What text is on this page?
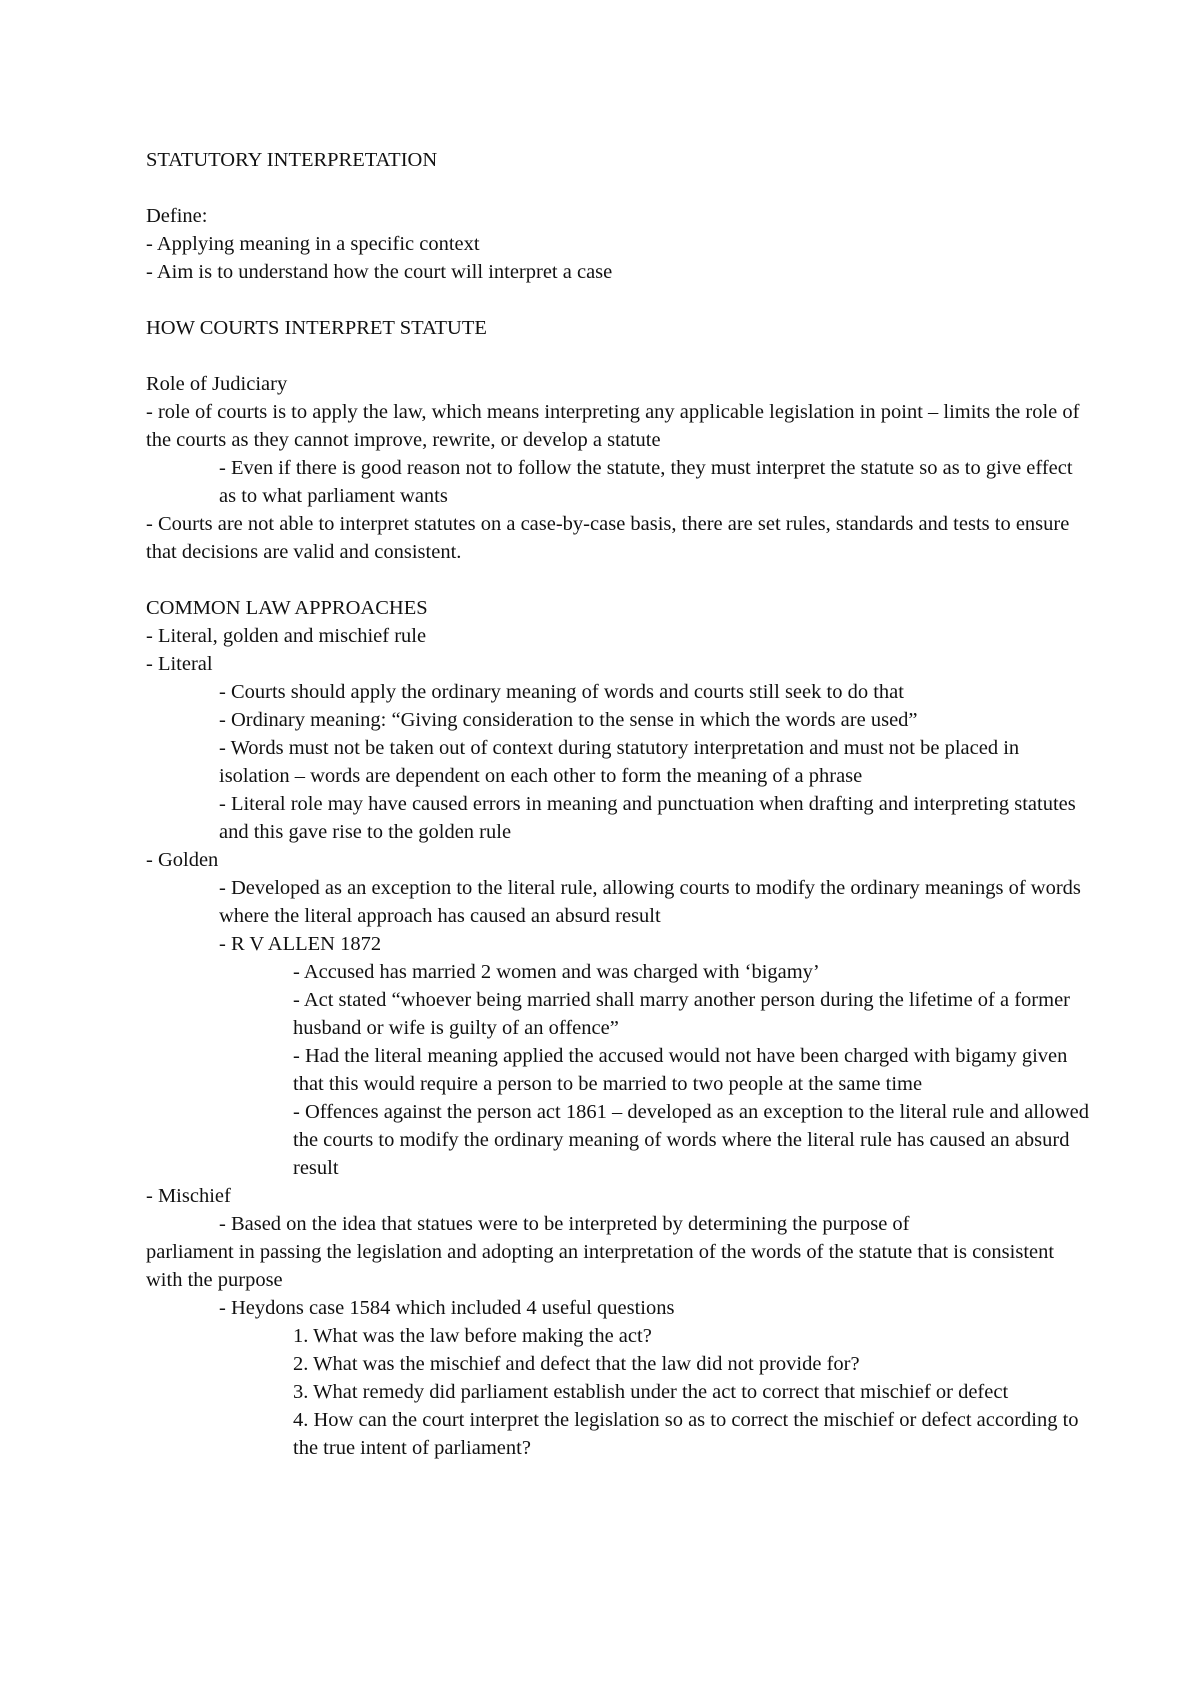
STATUTORY INTERPRETATION

Define:

- Applying meaning in a specific context

- Aim is to understand how the court will interpret a case

HOW COURTS INTERPRET STATUTE

Role of Judiciary

- role of courts is to apply the law, which means interpreting any applicable legislation in point – limits the role of the courts as they cannot improve, rewrite, or develop a statute

- Even if there is good reason not to follow the statute, they must interpret the statute so as to give effect as to what parliament wants

- Courts are not able to interpret statutes on a case-by-case basis, there are set rules, standards and tests to ensure that decisions are valid and consistent.

COMMON LAW APPROACHES

- Literal, golden and mischief rule

- Literal

- Courts should apply the ordinary meaning of words and courts still seek to do that

- Ordinary meaning: “Giving consideration to the sense in which the words are used”

- Words must not be taken out of context during statutory interpretation and must not be placed in isolation – words are dependent on each other to form the meaning of a phrase

- Literal role may have caused errors in meaning and punctuation when drafting and interpreting statutes and this gave rise to the golden rule

- Golden

- Developed as an exception to the literal rule, allowing courts to modify the ordinary meanings of words where the literal approach has caused an absurd result

- R V ALLEN 1872

- Accused has married 2 women and was charged with ‘bigamy’

- Act stated “whoever being married shall marry another person during the lifetime of a former husband or wife is guilty of an offence”

- Had the literal meaning applied the accused would not have been charged with bigamy given that this would require a person to be married to two people at the same time

- Offences against the person act 1861 – developed as an exception to the literal rule and allowed the courts to modify the ordinary meaning of words where the literal rule has caused an absurd result

- Mischief

- Based on the idea that statues were to be interpreted by determining the purpose of

parliament in passing the legislation and adopting an interpretation of the words of the statute that is consistent with the purpose

- Heydons case 1584 which included 4 useful questions

1. What was the law before making the act?

2. What was the mischief and defect that the law did not provide for?

3. What remedy did parliament establish under the act to correct that mischief or defect

4. How can the court interpret the legislation so as to correct the mischief or defect according to the true intent of parliament?
